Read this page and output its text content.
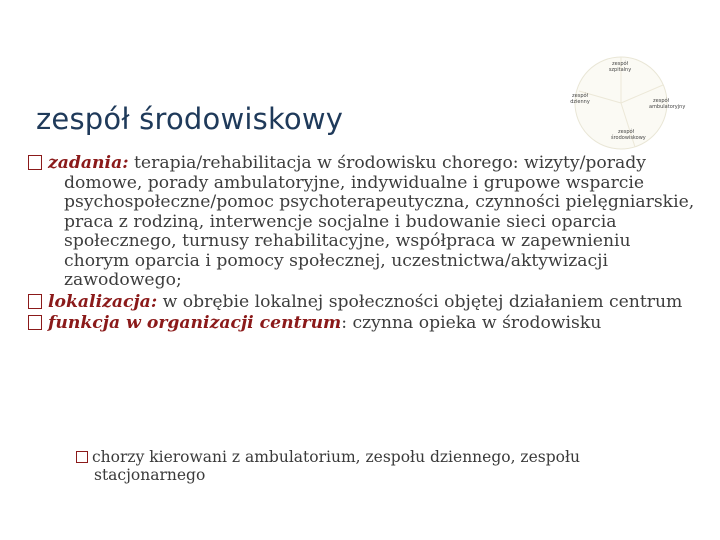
zespół środowiskowy
zespół szpitalny
zespół dzienny	zespół ambulatoryjny
zespół środowiskowy

zadania: terapia/rehabilitacja w środowisku chorego: wizyty/porady domowe, porady ambulatoryjne, indywidualne i grupowe wsparcie psychospołeczne/pomoc psychoterapeutyczna, czynności pielęgniarskie, praca z rodziną, interwencje socjalne i budowanie sieci oparcia społecznego, turnusy rehabilitacyjne, współpraca w zapewnieniu chorym oparcia i pomocy społecznej, uczestnictwa/aktywizacji zawodowego;

lokalizacja: w obrębie lokalnej społeczności objętej działaniem centrum

funkcja w organizacji centrum: czynna opieka w środowisku

chorzy kierowani z ambulatorium, zespołu dziennego, zespołu stacjonarnego
